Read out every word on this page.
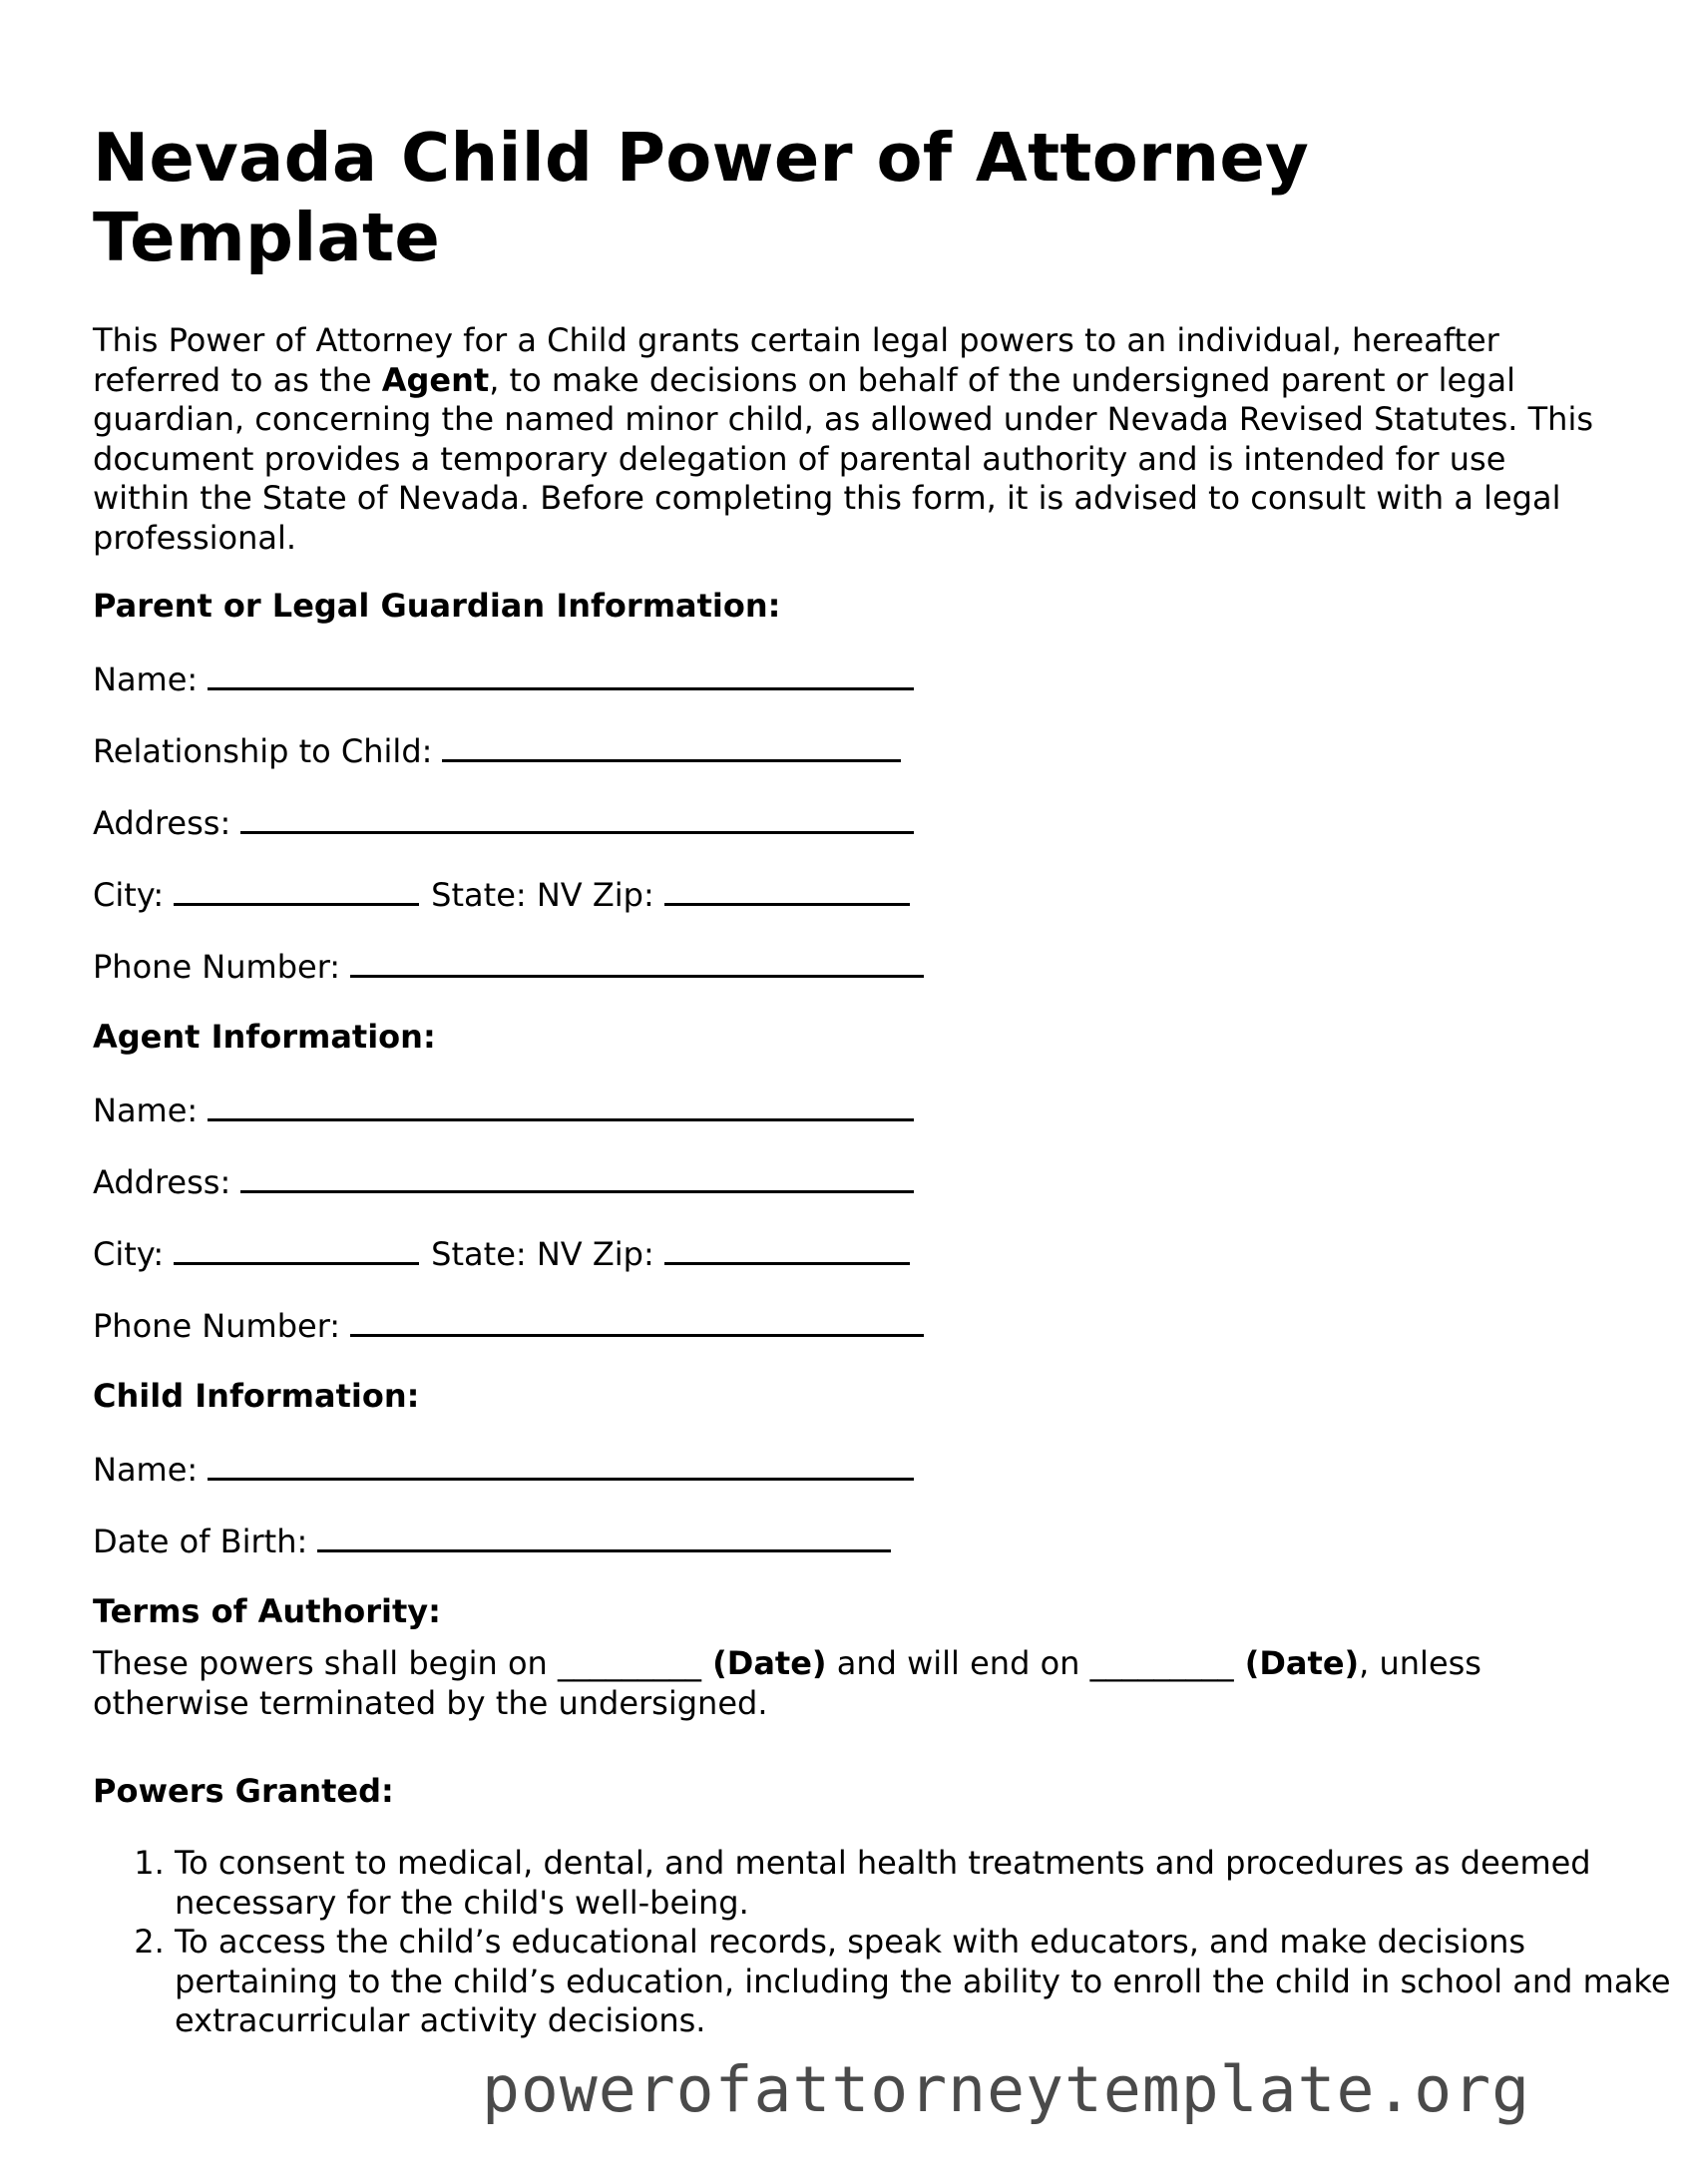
Nevada Child Power of Attorney Template

This Power of Attorney for a Child grants certain legal powers to an individual, hereafter referred to as the Agent, to make decisions on behalf of the undersigned parent or legal guardian, concerning the named minor child, as allowed under Nevada Revised Statutes. This document provides a temporary delegation of parental authority and is intended for use within the State of Nevada. Before completing this form, it is advised to consult with a legal professional.

Parent or Legal Guardian Information:
Name:
Relationship to Child:
Address:
City:	State: NV Zip:
Phone Number:
Agent Information:
Name:
Address:
City:	State: NV Zip:
Phone Number:
Child Information:
Name:
Date of Birth:
Terms of Authority:

These powers shall begin on _________ (Date) and will end on _________ (Date), unless otherwise terminated by the undersigned.

Powers Granted:
1. To consent to medical, dental, and mental health treatments and procedures as deemed necessary for the child's well-being.
2. To access the child’s educational records, speak with educators, and make decisions pertaining to the child’s education, including the ability to enroll the child in school and make extracurricular activity decisions.
powerofattorneytemplate.org
